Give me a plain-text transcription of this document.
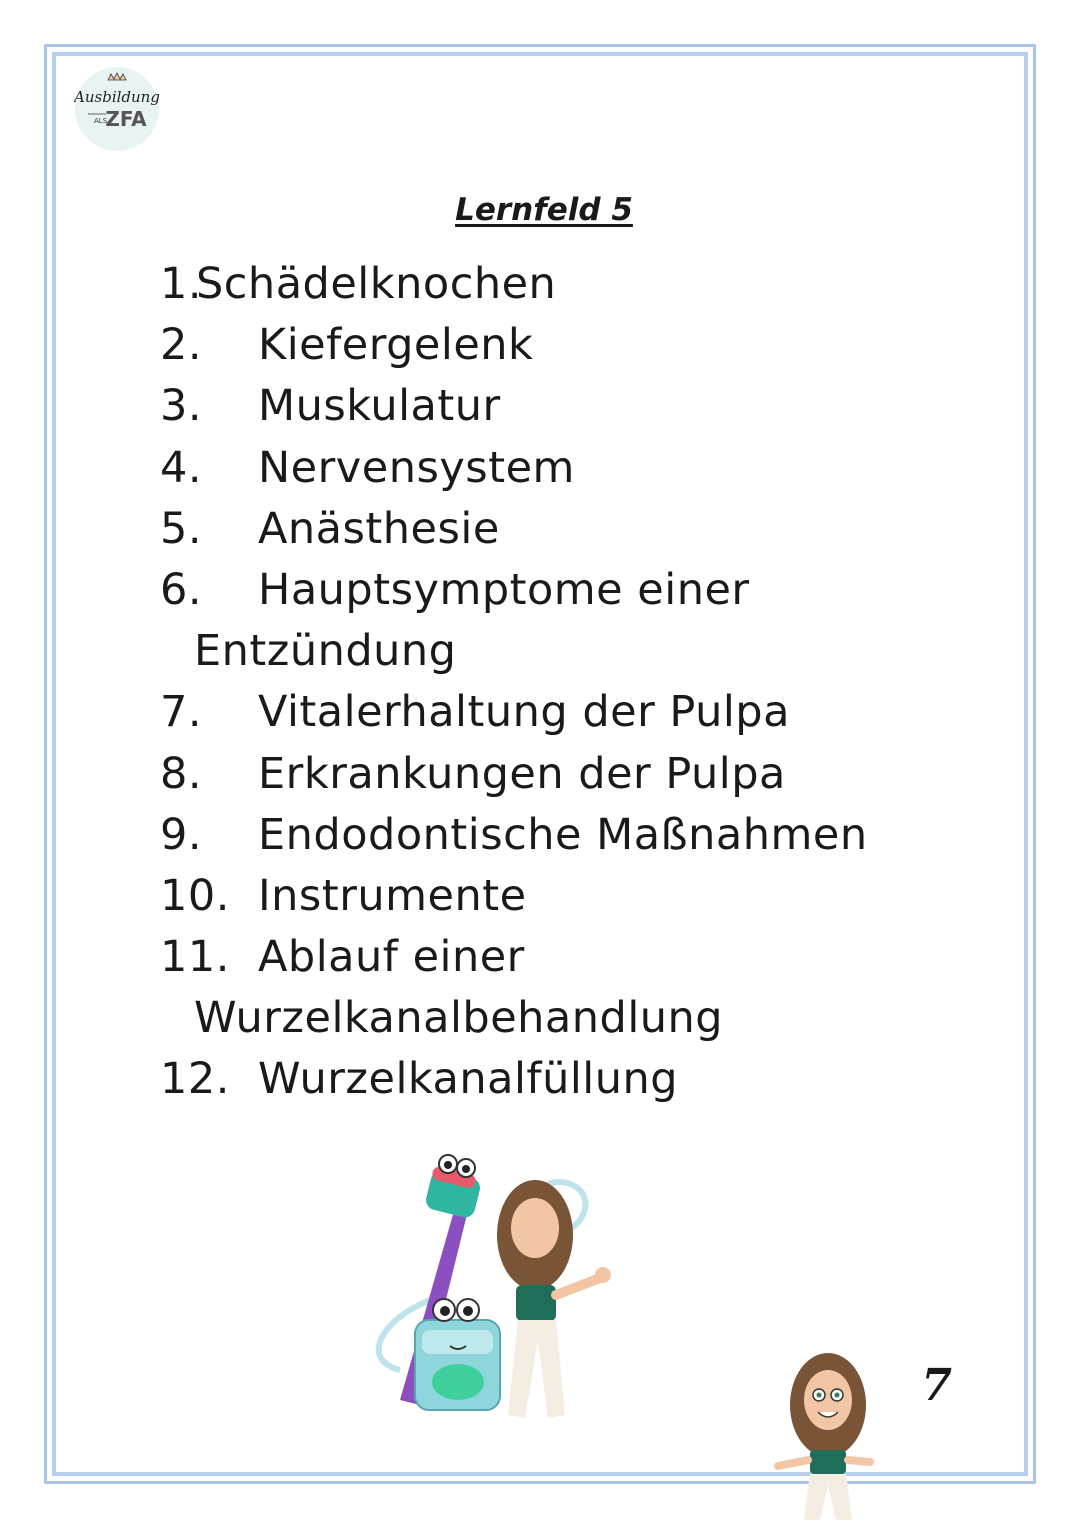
Ausbildung
ALS
ZFA
Lernfeld 5
1.Schädelknochen
2. Kiefergelenk
3. Muskulatur
4. Nervensystem
5. Anästhesie
6. Hauptsymptome einer
Entzündung
7. Vitalerhaltung der Pulpa
8. Erkrankungen der Pulpa
9. Endodontische Maßnahmen
10. Instrumente
11. Ablauf einer
Wurzelkanalbehandlung
12. Wurzelkanalfüllung
7
